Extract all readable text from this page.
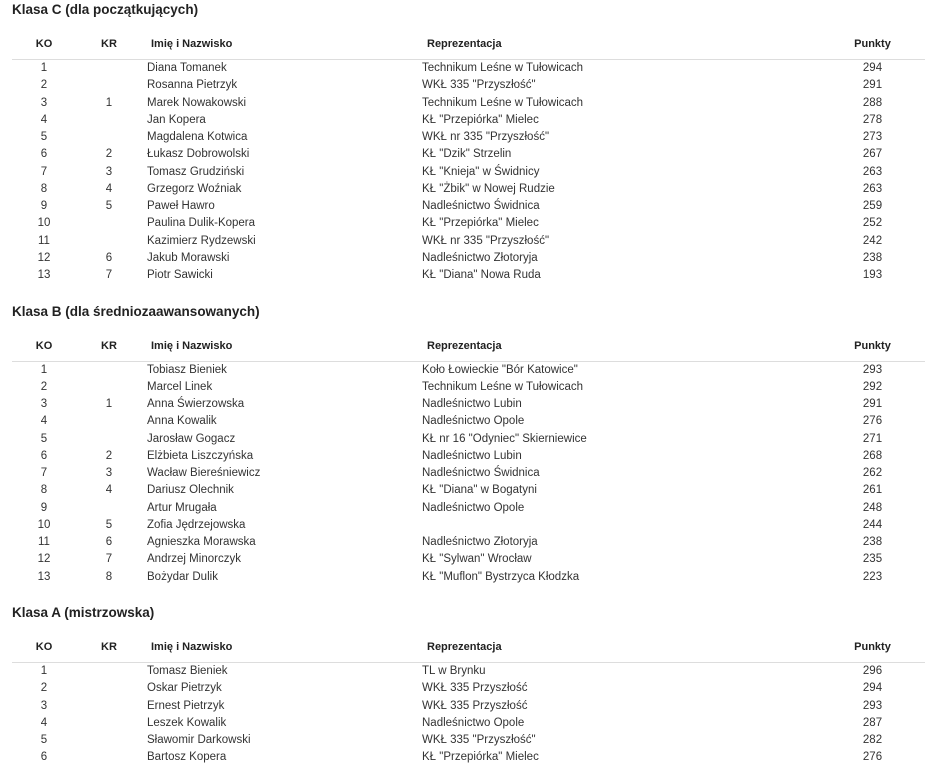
Klasa C (dla początkujących)
KO	KR	Imię i Nazwisko	Reprezentacja	Punkty
1		Diana Tomanek	Technikum Leśne w Tułowicach	294
2		Rosanna Pietrzyk	WKŁ 335 "Przyszłość"	291
3	1	Marek Nowakowski	Technikum Leśne w Tułowicach	288
4		Jan Kopera	KŁ "Przepiórka" Mielec	278
5		Magdalena Kotwica	WKŁ nr 335 "Przyszłość"	273
6	2	Łukasz Dobrowolski	KŁ "Dzik" Strzelin	267
7	3	Tomasz Grudziński	KŁ "Knieja" w Świdnicy	263
8	4	Grzegorz Woźniak	KŁ "Żbik" w Nowej Rudzie	263
9	5	Paweł Hawro	Nadleśnictwo Świdnica	259
10		Paulina Dulik-Kopera	KŁ "Przepiórka" Mielec	252
11		Kazimierz Rydzewski	WKŁ nr 335 "Przyszłość"	242
12	6	Jakub Morawski	Nadleśnictwo Złotoryja	238
13	7	Piotr Sawicki	KŁ "Diana" Nowa Ruda	193
Klasa B (dla średniozaawansowanych)
KO	KR	Imię i Nazwisko	Reprezentacja	Punkty
1		Tobiasz Bieniek	Koło Łowieckie "Bór Katowice"	293
2		Marcel Linek	Technikum Leśne w Tułowicach	292
3	1	Anna Świerzowska	Nadleśnictwo Lubin	291
4		Anna Kowalik	Nadleśnictwo Opole	276
5		Jarosław Gogacz	KŁ nr 16 "Odyniec" Skierniewice	271
6	2	Elżbieta Liszczyńska	Nadleśnictwo Lubin	268
7	3	Wacław Biereśniewicz	Nadleśnictwo Świdnica	262
8	4	Dariusz Olechnik	KŁ "Diana" w Bogatyni	261
9		Artur Mrugała	Nadleśnictwo Opole	248
10	5	Zofia Jędrzejowska		244
11	6	Agnieszka Morawska	Nadleśnictwo Złotoryja	238
12	7	Andrzej Minorczyk	KŁ "Sylwan" Wrocław	235
13	8	Bożydar Dulik	KŁ "Muflon" Bystrzyca Kłodzka	223
Klasa A (mistrzowska)
KO	KR	Imię i Nazwisko	Reprezentacja	Punkty
1		Tomasz Bieniek	TL w Brynku	296
2		Oskar Pietrzyk	WKŁ 335 Przyszłość	294
3		Ernest Pietrzyk	WKŁ 335 Przyszłość	293
4		Leszek Kowalik	Nadleśnictwo Opole	287
5		Sławomir Darkowski	WKŁ 335 "Przyszłość"	282
6		Bartosz Kopera	KŁ "Przepiórka" Mielec	276
